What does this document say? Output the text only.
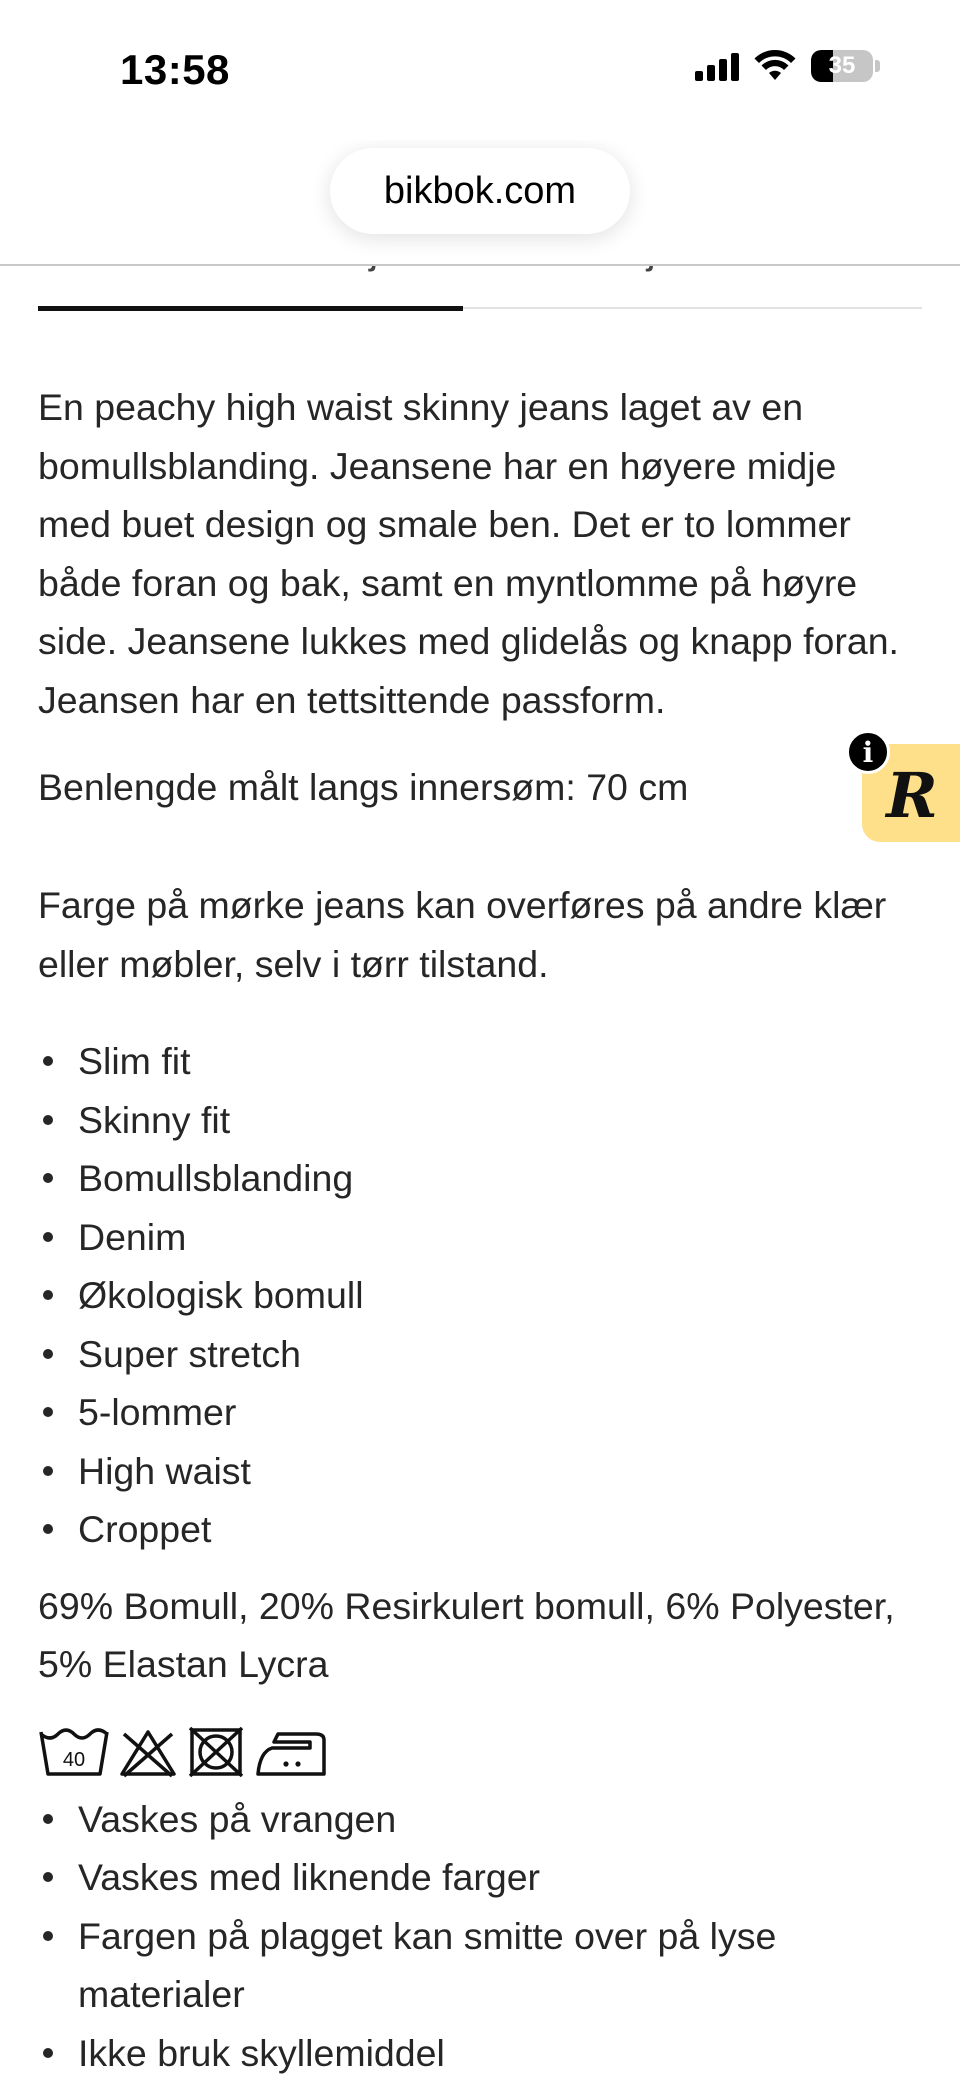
13:58	35
bikbok.com

En peachy high waist skinny jeans laget av en bomullsblanding. Jeansene har en høyere midje med buet design og smale ben. Det er to lommer både foran og bak, samt en myntlomme på høyre side. Jeansene lukkes med glidelås og knapp foran. Jeansen har en tettsittende passform.

Benlengde målt langs innersøm: 70 cm

Farge på mørke jeans kan overføres på andre klær eller møbler, selv i tørr tilstand.

Slim fit
Skinny fit
Bomullsblanding
Denim
Økologisk bomull
Super stretch
5-lommer
High waist
Croppet

69% Bomull, 20% Resirkulert bomull, 6% Polyester, 5% Elastan Lycra

40
Vaskes på vrangen
Vaskes med liknende farger
Fargen på plagget kan smitte over på lyse materialer
Ikke bruk skyllemiddel
R
i
